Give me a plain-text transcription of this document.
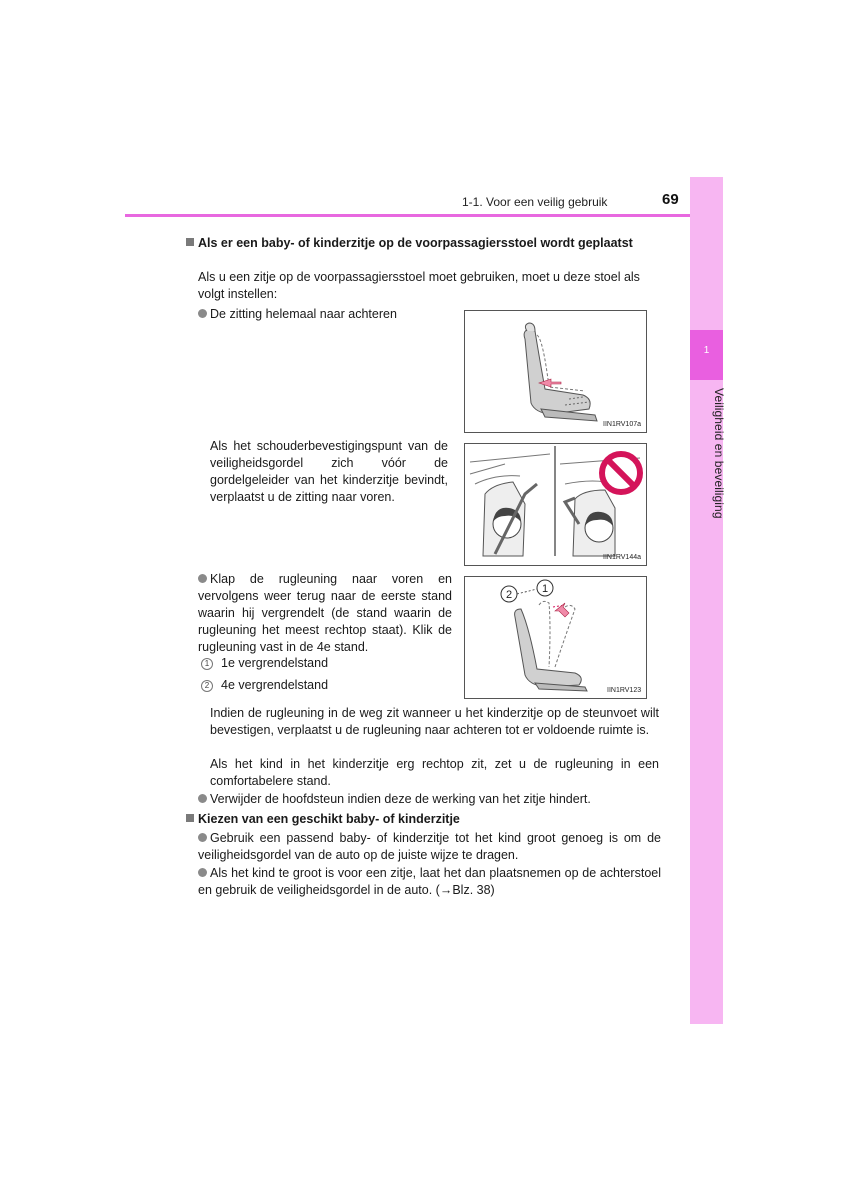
1-1. Voor een veilig gebruik	69
1
Veiligheid en beveiliging
Als er een baby- of kinderzitje op de voorpassagiersstoel wordt geplaatst
Als u een zitje op de voorpassagiersstoel moet gebruiken, moet u deze stoel als volgt instellen:
De zitting helemaal naar achteren
Als het schouderbevestigingspunt van de veiligheidsgordel zich vóór de gordelgeleider van het kinderzitje bevindt, verplaatst u de zitting naar voren.
Klap de rugleuning naar voren en vervolgens weer terug naar de eerste stand waarin hij vergrendelt (de stand waarin de rugleuning het meest rechtop staat). Klik de rugleuning vast in de 4e stand.
1 1e vergrendelstand
2 4e vergrendelstand
Indien de rugleuning in de weg zit wanneer u het kinderzitje op de steunvoet wilt bevestigen, verplaatst u de rugleuning naar achteren tot er voldoende ruimte is.
Als het kind in het kinderzitje erg rechtop zit, zet u de rugleuning in een comfortabelere stand.
Verwijder de hoofdsteun indien deze de werking van het zitje hindert.
Kiezen van een geschikt baby- of kinderzitje
Gebruik een passend baby- of kinderzitje tot het kind groot genoeg is om de veiligheidsgordel van de auto op de juiste wijze te dragen.
Als het kind te groot is voor een zitje, laat het dan plaatsnemen op de achterstoel en gebruik de veiligheidsgordel in de auto. (→Blz. 38)
IIN1RV107a
IIN1RV144a
2	1
IIN1RV123
